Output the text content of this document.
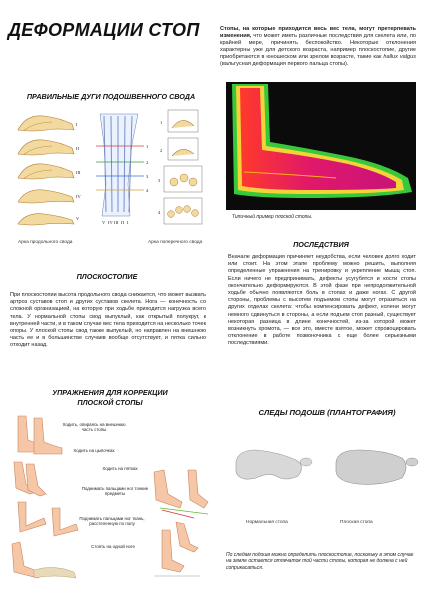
ДЕФОРМАЦИИ СТОП	Стопы, на которые приходится весь вес тела, могут претерпевать изменения, что может иметь различные последствия для скелета или, по крайней мере, причинять беспокойство. Некоторые отклонения характерны уже для детского возраста, например плоскостопие, другие приобретаются в юношеском или зрелом возрасте, такие как hallux valgus (вальгусная деформация первого пальца стопы).
ПРАВИЛЬНЫЕ ДУГИ ПОДОШВЕННОГО СВОДА
I
II
III
IV
V
1
2
3
4
V IV III II I
1
2
3
4
Арка продольного свода	Арка поперечного свода
Типичный пример плоской стопы.
ПОСЛЕДСТВИЯ
Вначале деформация причиняет неудобства, если человек долго ходит или стоит. На этом этапе проблему можно решить, выполняя определенные упражнения на тренировку и укрепление мышц стоп. Если ничего не предпринимать, дефекты усугубятся и кости стопы окончательно деформируются. В этой фазе при непродолжительной ходьбе обычно появляются боль в стопах и даже ногах. С другой стороны, проблемы с высотем подъемом стопы могут отразиться на других отделах скелета: чтобы компенсировать дефект, колени могут немного сдвинуться в стороны, а если подъем стоп разный, существует некоторая разница в длине конечностей, из-за которой может возникнуть хромота, — все это, вместе взятое, может спровоцировать отклонение в работе позвоночника с еще более серьезными последствиями.
ПЛОСКОСТОПИЕ
При плоскостопии высота продольного свода снижается, что может вызвать артроз суставов стоп и других суставов скелета. Нога — конечность со сложной организацией, на которую при ходьбе приходится нагрузка всего тела. У нормальной стопы свод выпуклый, как открытый полукруг, к внутренней части, и в таком случае вес тела приходится на несколько точек опоры. У плоской стопы свод также выпуклый, но направлен на внешнюю часть ее и в большинстве случаев вообще отсутствует, и пятка сильно отходит назад.
УПРАЖНЕНИЯ ДЛЯ КОРРЕКЦИИ
ПЛОСКОЙ СТОПЫ
Ходить, опираясь на внешнюю часть стопы
Ходить на цыпочках
Ходить на пятках
Поднимать пальцами ног тонкие предметы
Поднимать пальцами ног ткань, расстеленную по полу
Стоять на одной ноге
СЛЕДЫ ПОДОШВ (ПЛАНТОГРАФИЯ)
Нормальная стопа	Плоская стопа
По следам подошв можно определить плоскостопие, поскольку в этом случае на земле остается отпечаток той части стопы, которая не должна с ней соприкасаться.
